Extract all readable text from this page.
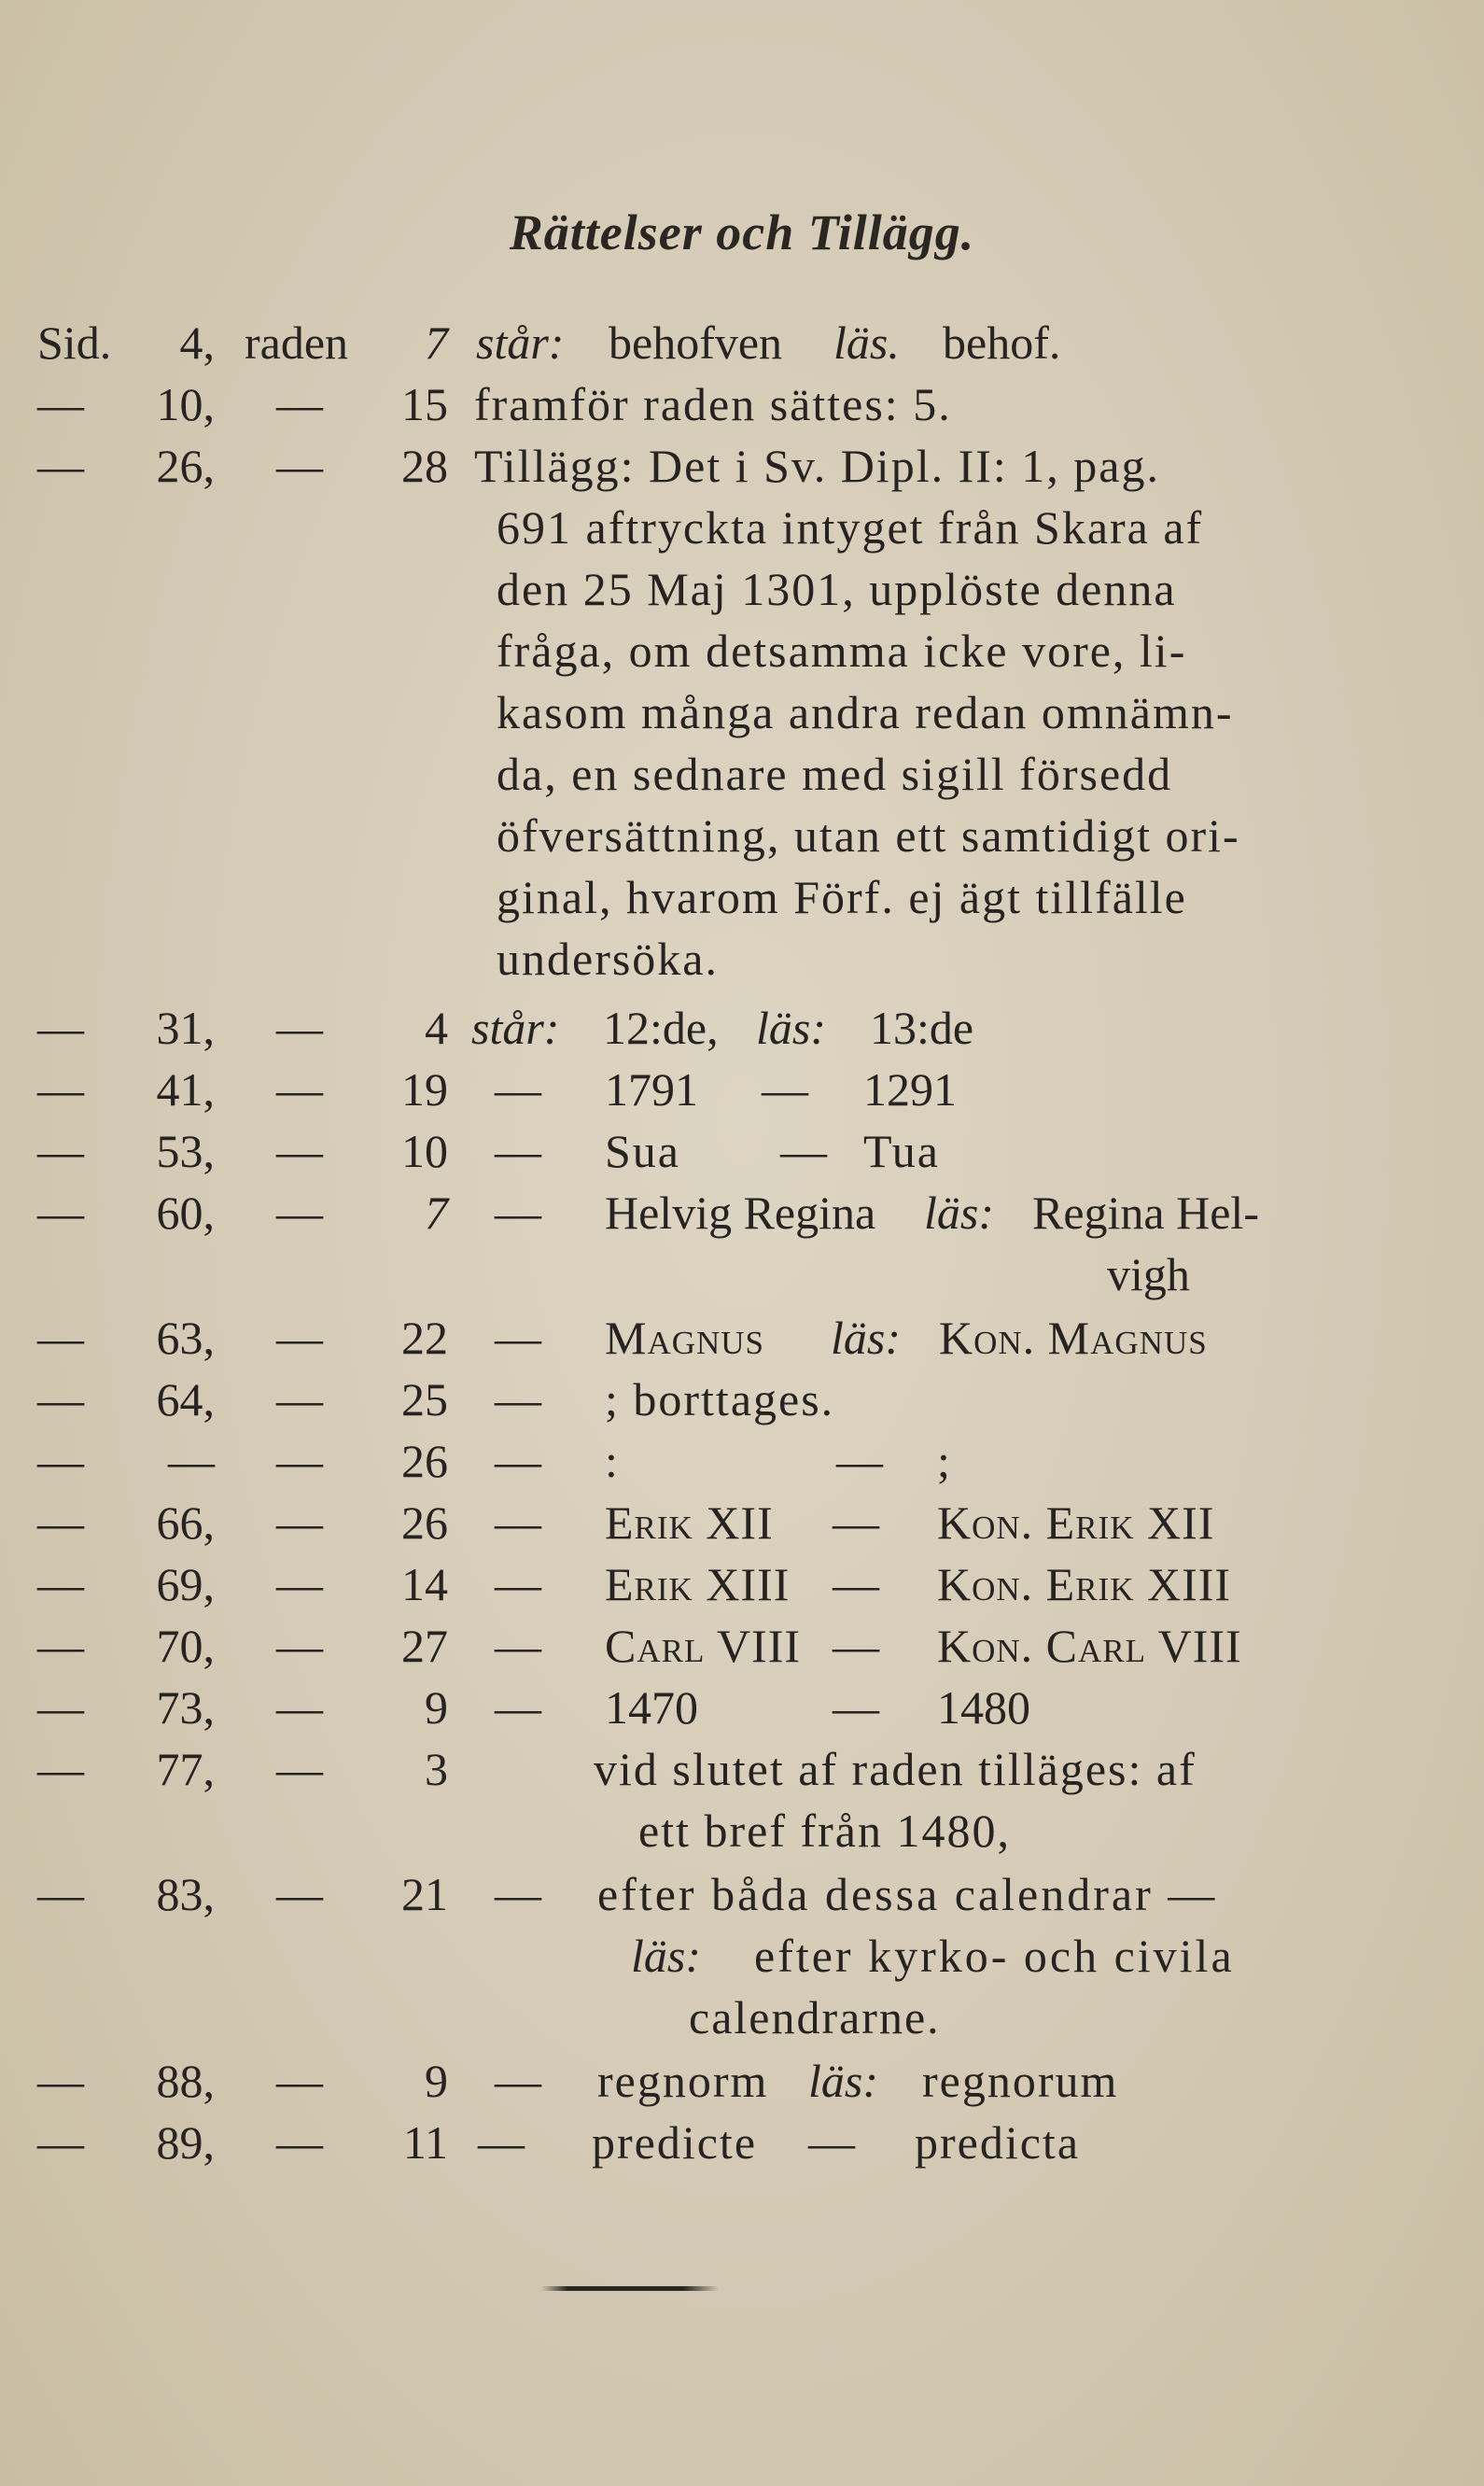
Rättelser och Tillägg.
Sid.	4, raden	7 står: behofven läs. behof.
—	10, —	15 framför raden sättes: 5.
—	26, —	28 Tillägg: Det i Sv. Dipl. II: 1, pag.
691 aftryckta intyget från Skara af
den 25 Maj 1301, upplöste denna
fråga, om detsamma icke vore, li-
kasom många andra redan omnämn-
da, en sednare med sigill försedd
öfversättning, utan ett samtidigt ori-
ginal, hvarom Förf. ej ägt tillfälle
undersöka.
—	31, —	4 står: 12:de, läs: 13:de
—	41, —	19 — 1791 — 1291
—	53, —	10 — Sua — Tua
—	60, —	7 — Helvig Regina läs: Regina Hel-
vigh
—	63, —	22 — Magnus läs: Kon. Magnus
—	64, —	25 — ; borttages.
—	— —	26 — :	— ;
—	66, —	26 — Erik XII — Kon. Erik XII
—	69, —	14 — Erik XIII — Kon. Erik XIII
—	70, —	27 — Carl VIII — Kon. Carl VIII
—	73, —	9 — 1470	— 1480
—	77, —	3	vid slutet af raden tilläges: af
ett bref från 1480,
—	83, —	21 — efter båda dessa calendrar —
läs: efter kyrko- och civila
calendrarne.
—	88, —	9 — regnorm läs: regnorum
—	89, —	11 — predicte — predicta
